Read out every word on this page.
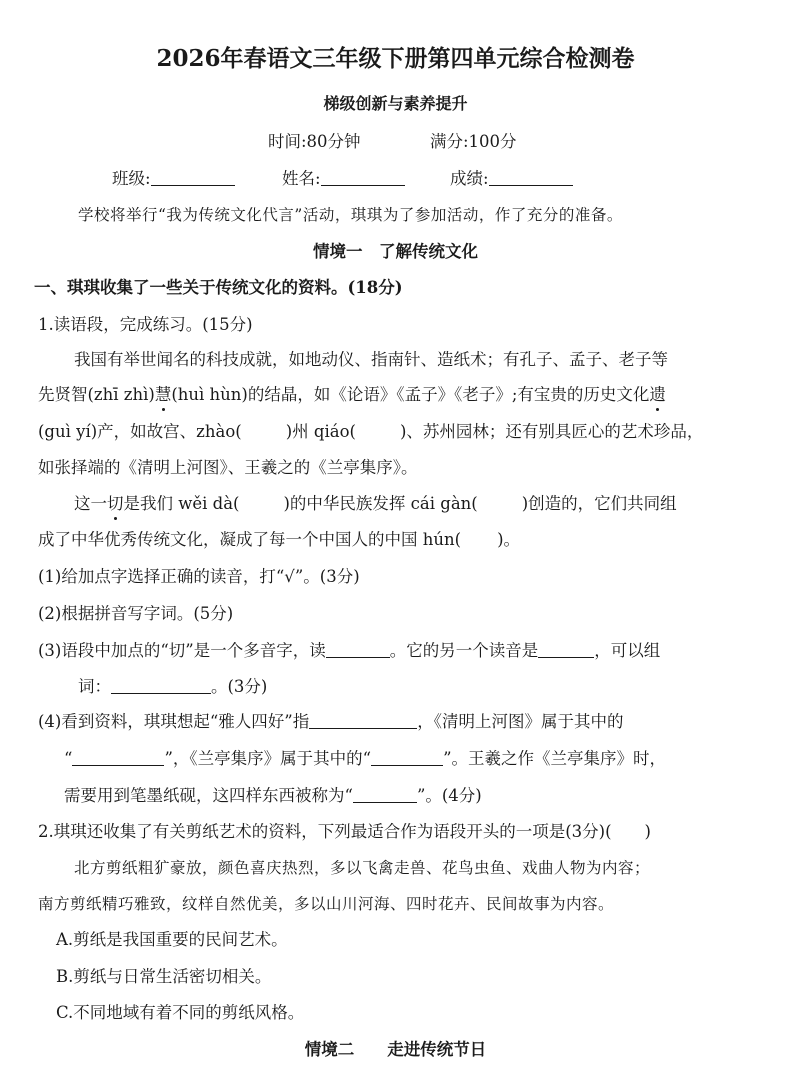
2026年春语文三年级下册第四单元综合检测卷
梯级创新与素养提升
时间:80分钟	满分:100分
班级:	姓名:	成绩:
学校将举行“我为传统文化代言”活动，琪琪为了参加活动，作了充分的准备。
情境一　了解传统文化
一、琪琪收集了一些关于传统文化的资料。(18分)
1.读语段，完成练习。(15分)
我国有举世闻名的科技成就，如地动仪、指南针、造纸术；有孔子、孟子、老子等
先贤智(zhī zhì)慧(huì hùn)的结晶，如《论语》《孟子》《老子》;有宝贵的历史文化遗
(guì yí)产，如故宫、zhào(	)州 qiáo(	)、苏州园林；还有别具匠心的艺术珍品，
如张择端的《清明上河图》、王羲之的《兰亭集序》。
这一切是我们 wěi dà(	)的中华民族发挥 cái gàn(	)创造的，它们共同组
成了中华优秀传统文化，凝成了每一个中国人的中国 hún( )。
(1)给加点字选择正确的读音，打“√”。(3分)
(2)根据拼音写字词。(5分)
(3)语段中加点的“切”是一个多音字，读	。它的另一个读音是	，可以组
词：	。(3分)
(4)看到资料，琪琪想起“雅人四好”指	，《清明上河图》属于其中的
“	”，《兰亭集序》属于其中的“	”。王羲之作《兰亭集序》时，
需要用到笔墨纸砚，这四样东西被称为“	”。(4分)
2.琪琪还收集了有关剪纸艺术的资料，下列最适合作为语段开头的一项是(3分)(　　)
北方剪纸粗犷豪放，颜色喜庆热烈，多以飞禽走兽、花鸟虫鱼、戏曲人物为内容；
南方剪纸精巧雅致，纹样自然优美，多以山川河海、四时花卉、民间故事为内容。
A.剪纸是我国重要的民间艺术。
B.剪纸与日常生活密切相关。
C.不同地域有着不同的剪纸风格。
情境二　　走进传统节日
